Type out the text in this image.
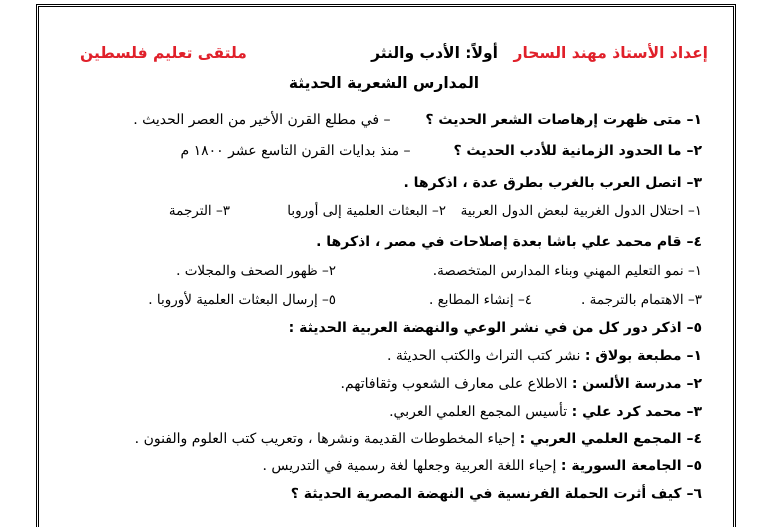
إعداد الأستاذ مهند السحار
أولاً: الأدب والنثر
ملتقى تعليم فلسطين
المدارس الشعرية الحديثة
١– متى ظهرت إرهاصات الشعر الحديث ؟  – في مطلع القرن الأخير من العصر الحديث .
٢– ما الحدود الزمانية للأدب الحديث ؟  – منذ بدايات القرن التاسع عشر ١٨٠٠ م
٣– اتصل العرب بالغرب بطرق عدة ، اذكرها .
١– احتلال الدول الغربية لبعض الدول العربية
٢– البعثات العلمية إلى أوروبا
٣– الترجمة
٤– قام محمد علي باشا بعدة إصلاحات في مصر ، اذكرها .
١– نمو التعليم المهني وبناء المدارس المتخصصة.
٢– ظهور الصحف والمجلات .
٣– الاهتمام بالترجمة .
٤– إنشاء المطابع .
٥– إرسال البعثات العلمية لأوروبا .
٥– اذكر دور كل من في نشر الوعي والنهضة العربية الحديثة :
١– مطبعة بولاق : نشر كتب التراث والكتب الحديثة .
٢– مدرسة الألسن : الاطلاع على معارف الشعوب وثقافاتهم.
٣– محمد كرد علي : تأسيس المجمع العلمي العربي.
٤– المجمع العلمي العربي : إحياء المخطوطات القديمة ونشرها ، وتعريب كتب العلوم والفنون .
٥– الجامعة السورية : إحياء اللغة العربية وجعلها لغة رسمية في التدريس .
٦– كيف أثرت الحملة الفرنسية في النهضة المصرية الحديثة ؟
